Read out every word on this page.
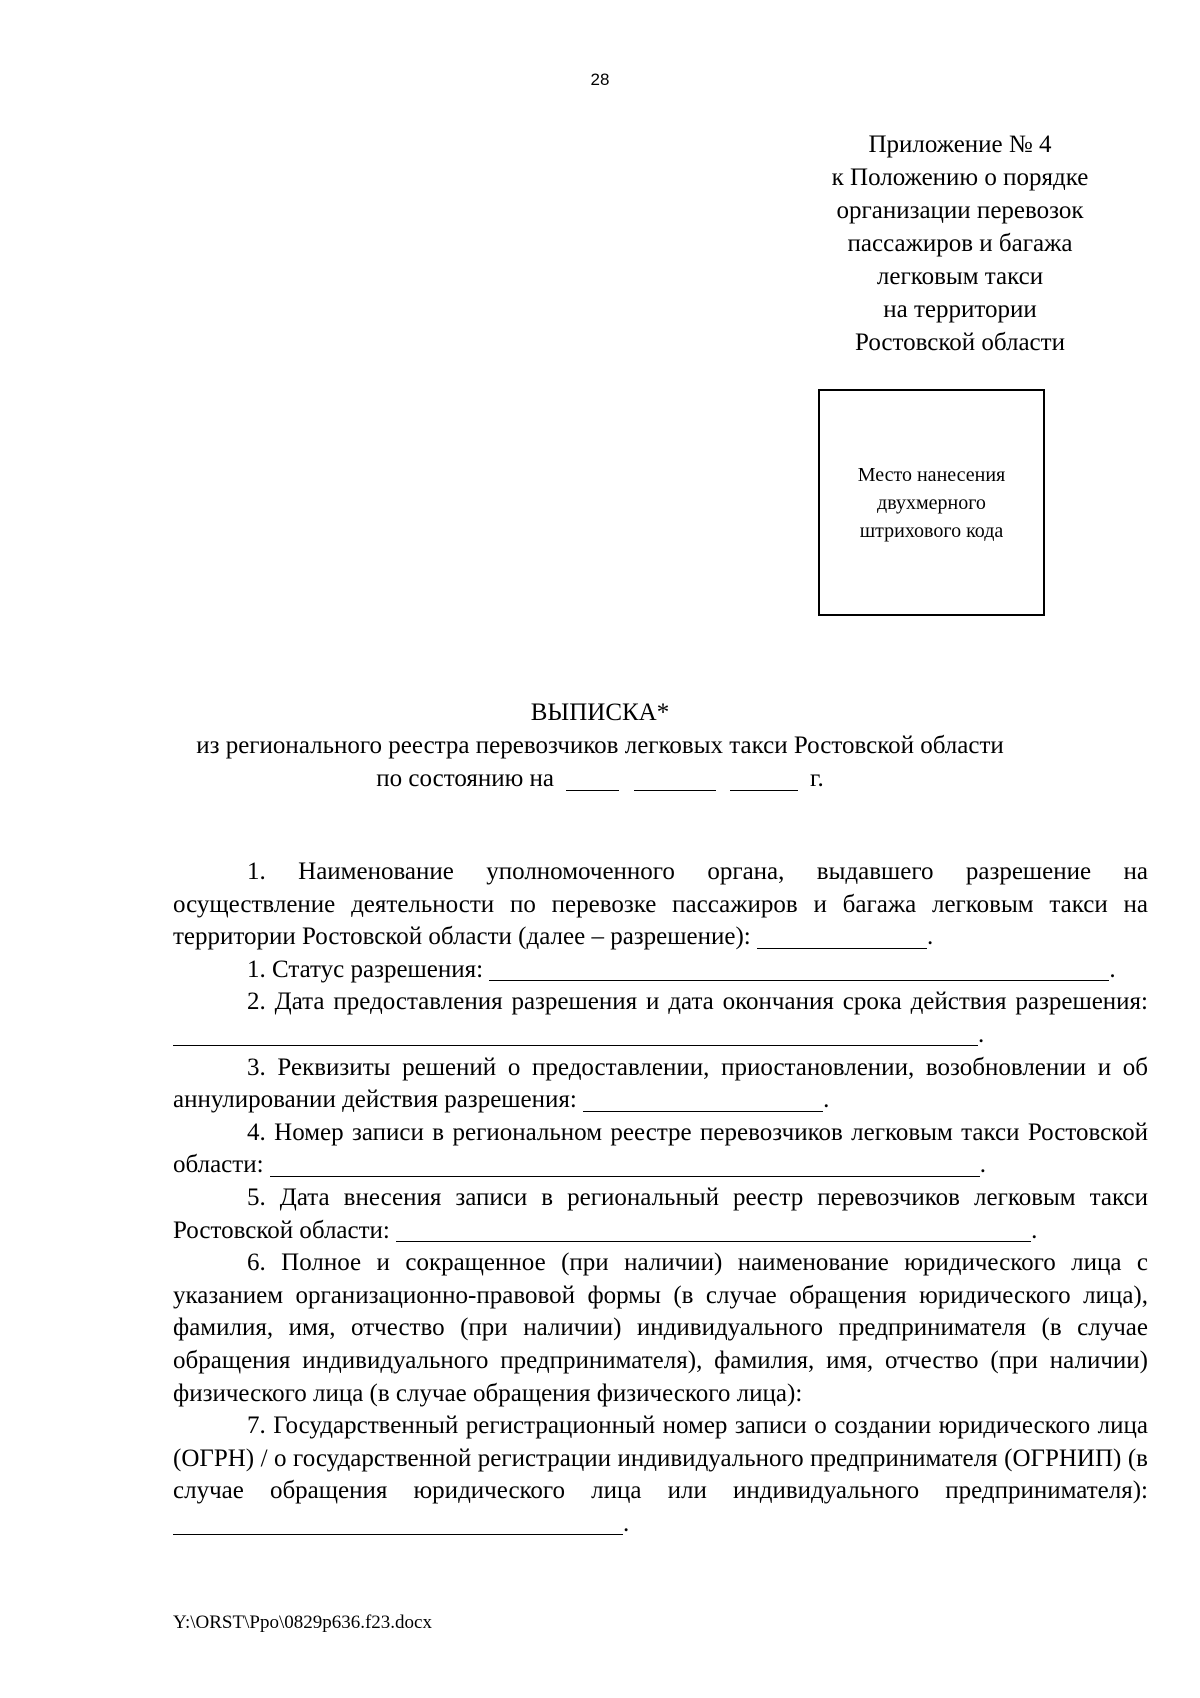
28
Приложение № 4
к Положению о порядке
организации перевозок
пассажиров и багажа
легковым такси
на территории
Ростовской области
Место нанесения
двухмерного
штрихового кода
ВЫПИСКА*
из регионального реестра перевозчиков легковых такси Ростовской области
по состоянию на	г.

1. Наименование уполномоченного органа, выдавшего разрешение на осуществление деятельности по перевозке пассажиров и багажа легковым такси на территории Ростовской области (далее – разрешение):	.

1. Статус разрешения:	.

2. Дата предоставления разрешения и дата окончания срока действия разрешения: .

3. Реквизиты решений о предоставлении, приостановлении, возобновлении и об аннулировании действия разрешения:	.

4. Номер записи в региональном реестре перевозчиков легковым такси Ростовской области:	.

5. Дата внесения записи в региональный реестр перевозчиков легковым такси Ростовской области:	.

6. Полное и сокращенное (при наличии) наименование юридического лица с указанием организационно-правовой формы (в случае обращения юридического лица), фамилия, имя, отчество (при наличии) индивидуального предпринимателя (в случае обращения индивидуального предпринимателя), фамилия, имя, отчество (при наличии) физического лица (в случае обращения физического лица):

7. Государственный регистрационный номер записи о создании юридического лица (ОГРН) / о государственной регистрации индивидуального предпринимателя (ОГРНИП) (в случае обращения юридического лица или индивидуального предпринимателя): .

Y:\ORST\Ppo\0829p636.f23.docx
